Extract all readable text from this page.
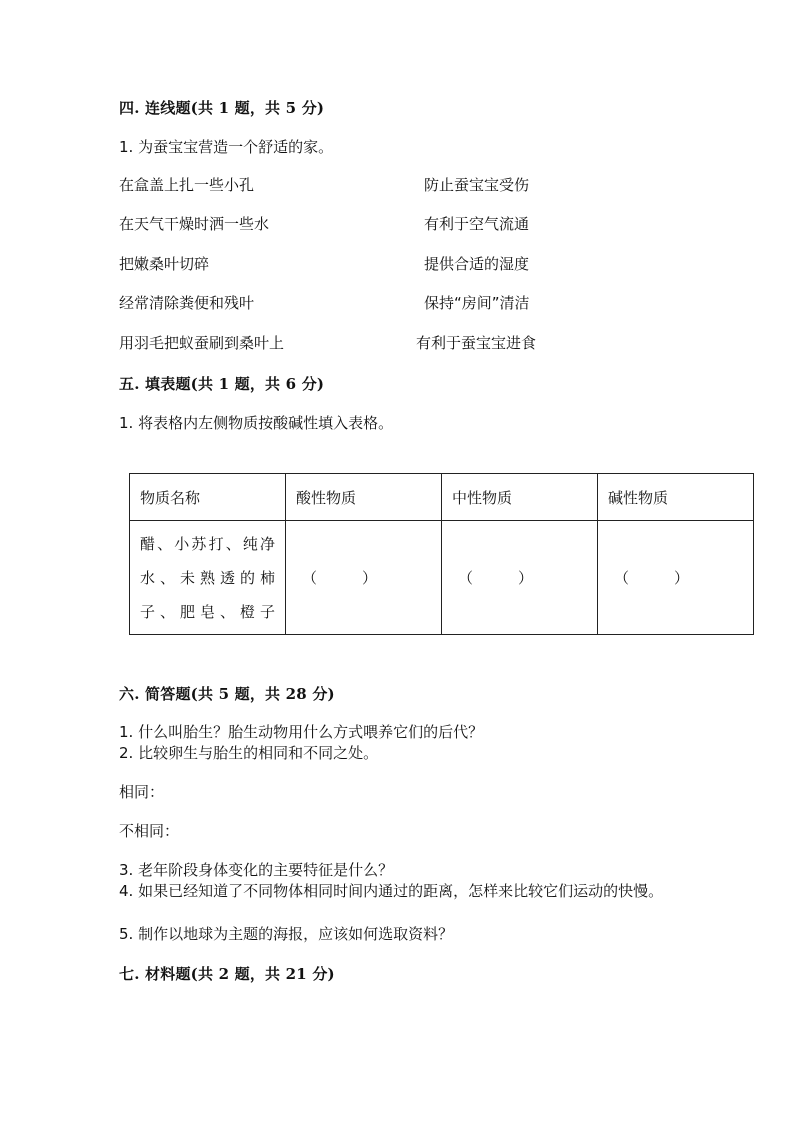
四. 连线题(共 1 题，共 5 分)
1. 为蚕宝宝营造一个舒适的家。
在盒盖上扎一些小孔	防止蚕宝宝受伤
在天气干燥时洒一些水	有利于空气流通
把嫩桑叶切碎	提供合适的湿度
经常清除粪便和残叶	保持“房间”清洁
用羽毛把蚁蚕刷到桑叶上	有利于蚕宝宝进食
五. 填表题(共 1 题，共 6 分)
1. 将表格内左侧物质按酸碱性填入表格。
物质名称	酸性物质	中性物质	碱性物质

醋、小苏打、纯净
水、未熟透的柿
子、肥皂、橙子	（　　　）	（　　　）	（　　　）
六. 简答题(共 5 题，共 28 分)
1. 什么叫胎生？胎生动物用什么方式喂养它们的后代？
2. 比较卵生与胎生的相同和不同之处。
相同：
不相同：
3. 老年阶段身体变化的主要特征是什么？
4. 如果已经知道了不同物体相同时间内通过的距离，怎样来比较它们运动的快慢。
5. 制作以地球为主题的海报，应该如何选取资料？
七. 材料题(共 2 题，共 21 分)
